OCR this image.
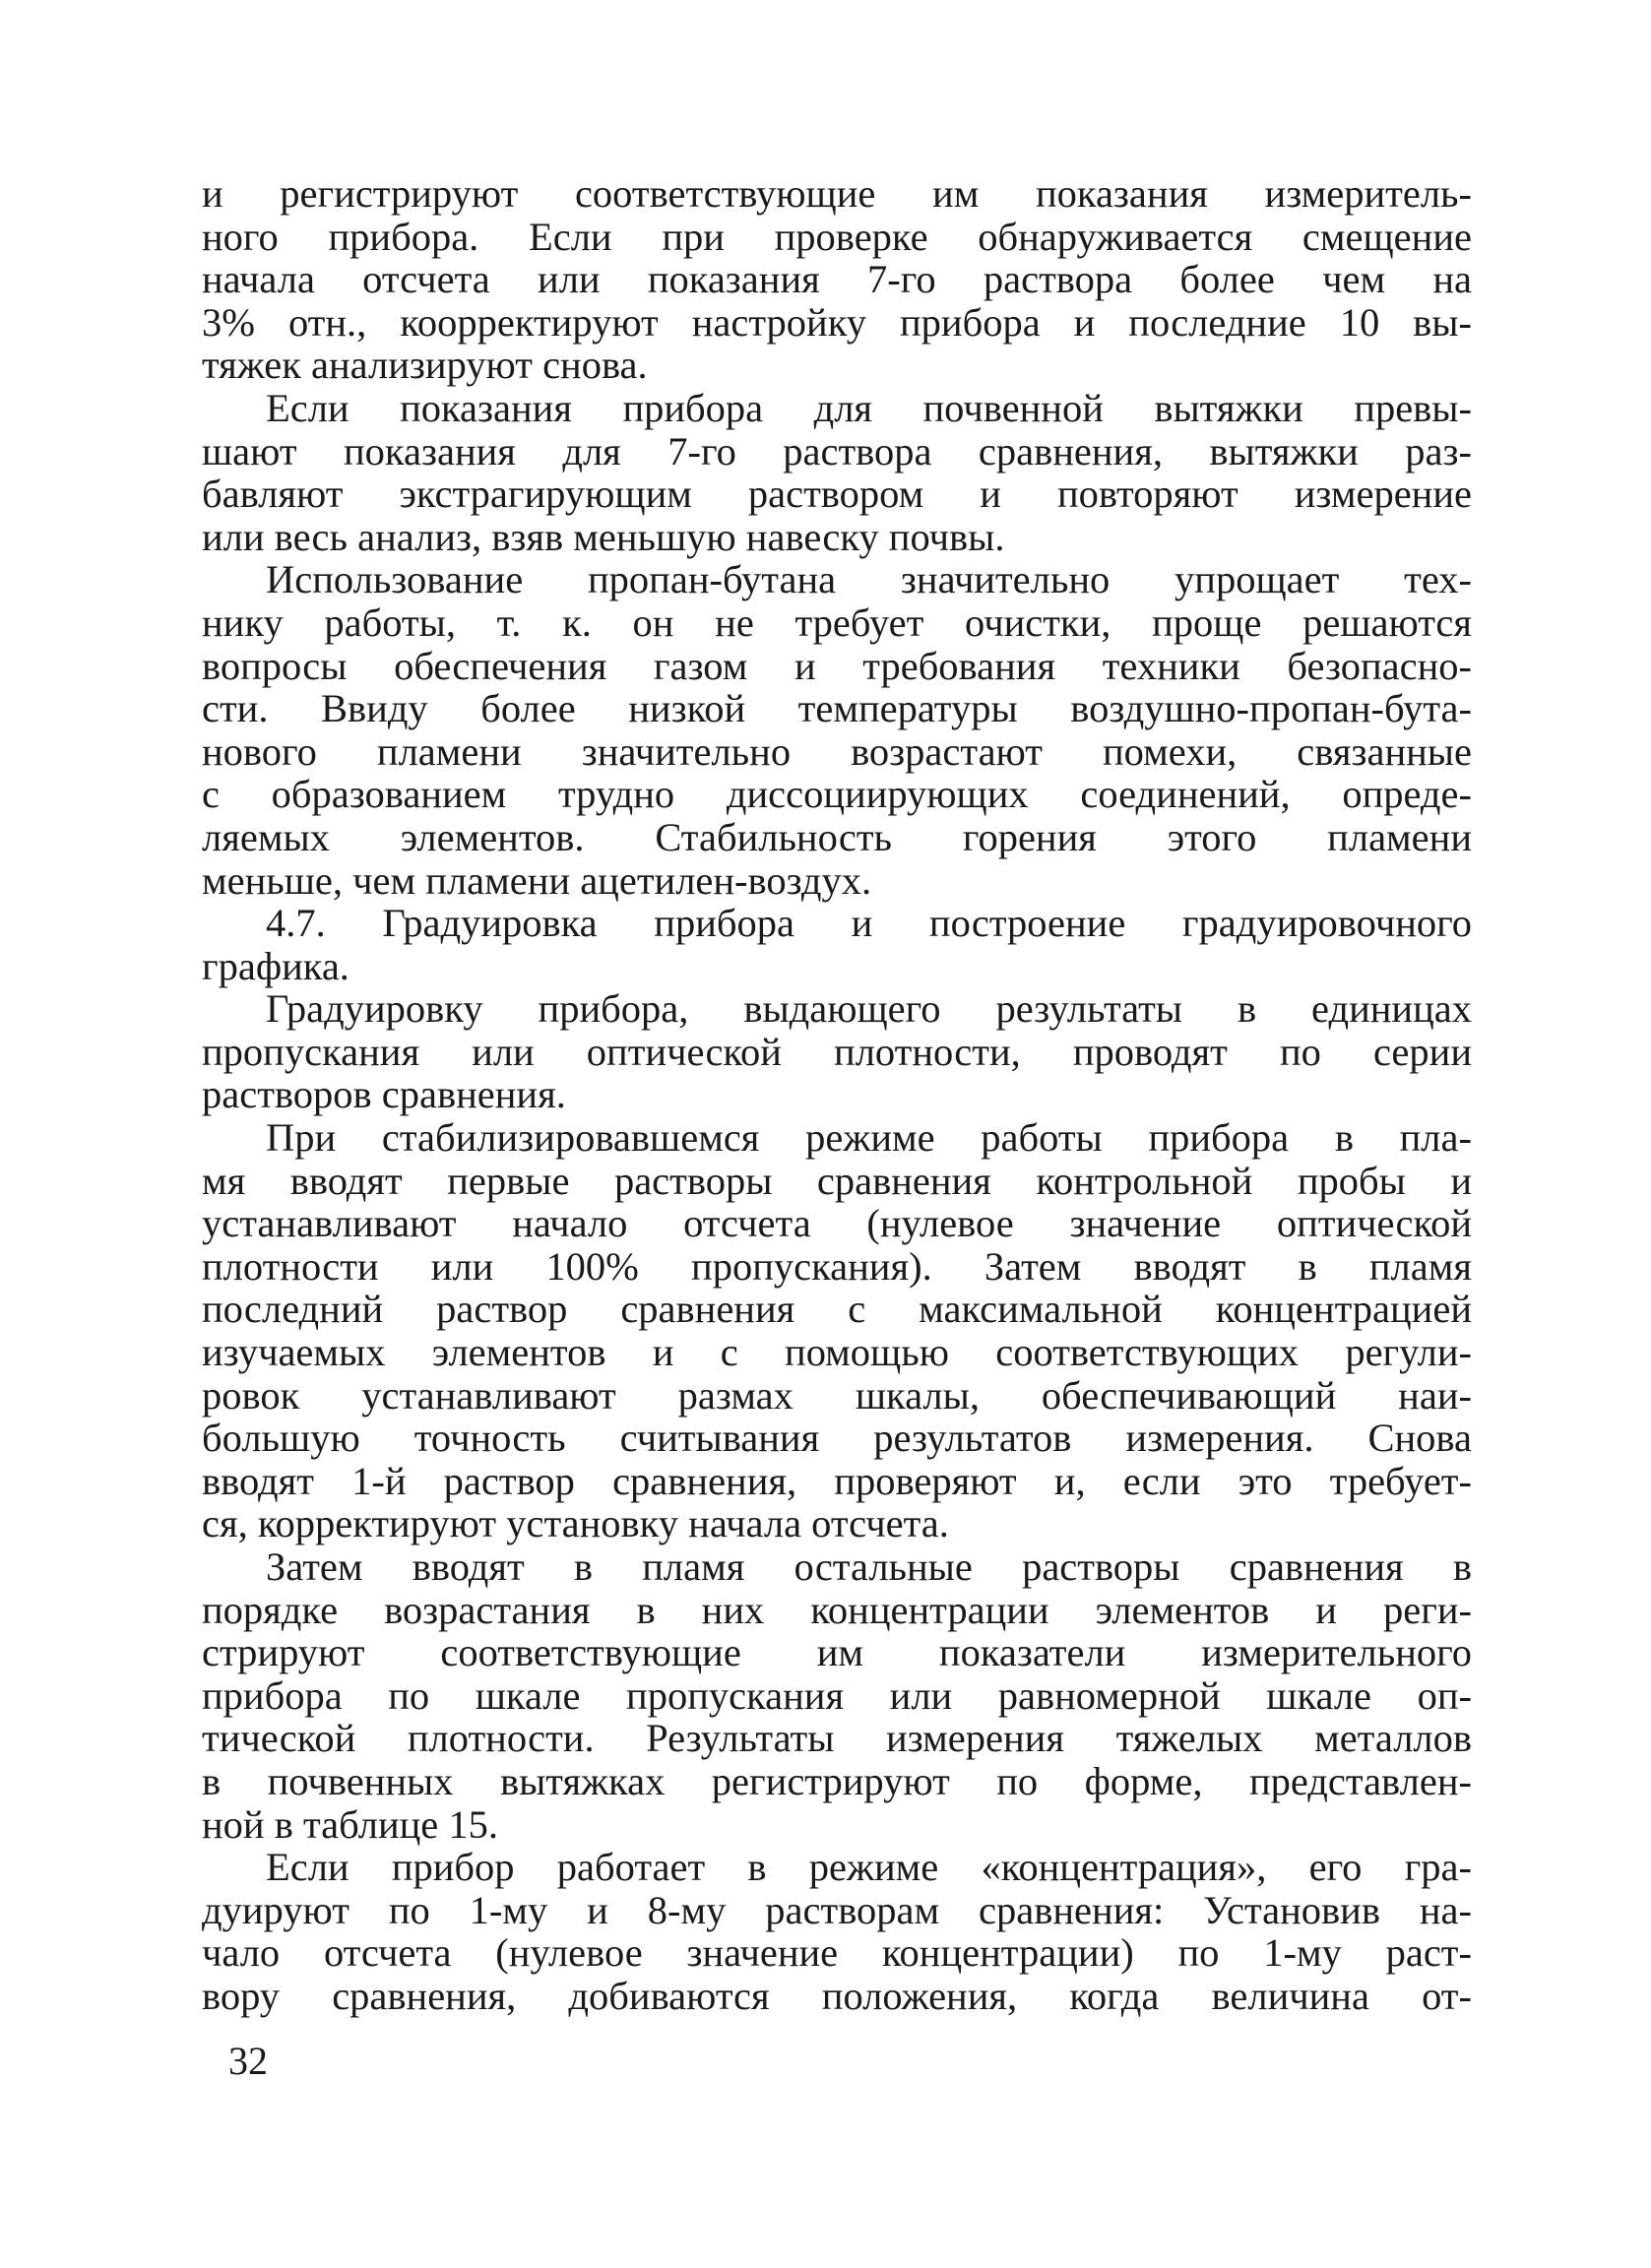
и регистрируют соответствующие им показания измеритель-
ного прибора. Если при проверке обнаруживается смещение
начала отсчета или показания 7-го раствора более чем на
3% отн., коорректируют настройку прибора и последние 10 вы-
тяжек анализируют снова.
Если показания прибора для почвенной вытяжки превы-
шают показания для 7-го раствора сравнения, вытяжки раз-
бавляют экстрагирующим раствором и повторяют измерение
или весь анализ, взяв меньшую навеску почвы.
Использование пропан-бутана значительно упрощает тех-
нику работы, т. к. он не требует очистки, проще решаются
вопросы обеспечения газом и требования техники безопасно-
сти. Ввиду более низкой температуры воздушно-пропан-бута-
нового пламени значительно возрастают помехи, связанные
с образованием трудно диссоциирующих соединений, опреде-
ляемых элементов. Стабильность горения этого пламени
меньше, чем пламени ацетилен-воздух.
4.7. Градуировка прибора и построение градуировочного
графика.
Градуировку прибора, выдающего результаты в единицах
пропускания или оптической плотности, проводят по серии
растворов сравнения.
При стабилизировавшемся режиме работы прибора в пла-
мя вводят первые растворы сравнения контрольной пробы и
устанавливают начало отсчета (нулевое значение оптической
плотности или 100% пропускания). Затем вводят в пламя
последний раствор сравнения с максимальной концентрацией
изучаемых элементов и с помощью соответствующих регули-
ровок устанавливают размах шкалы, обеспечивающий наи-
большую точность считывания результатов измерения. Снова
вводят 1-й раствор сравнения, проверяют и, если это требует-
ся, корректируют установку начала отсчета.
Затем вводят в пламя остальные растворы сравнения в
порядке возрастания в них концентрации элементов и реги-
стрируют соответствующие им показатели измерительного
прибора по шкале пропускания или равномерной шкале оп-
тической плотности. Результаты измерения тяжелых металлов
в почвенных вытяжках регистрируют по форме, представлен-
ной в таблице 15.
Если прибор работает в режиме «концентрация», его гра-
дуируют по 1-му и 8-му растворам сравнения: Установив на-
чало отсчета (нулевое значение концентрации) по 1-му раст-
вору сравнения, добиваются положения, когда величина от-
32
